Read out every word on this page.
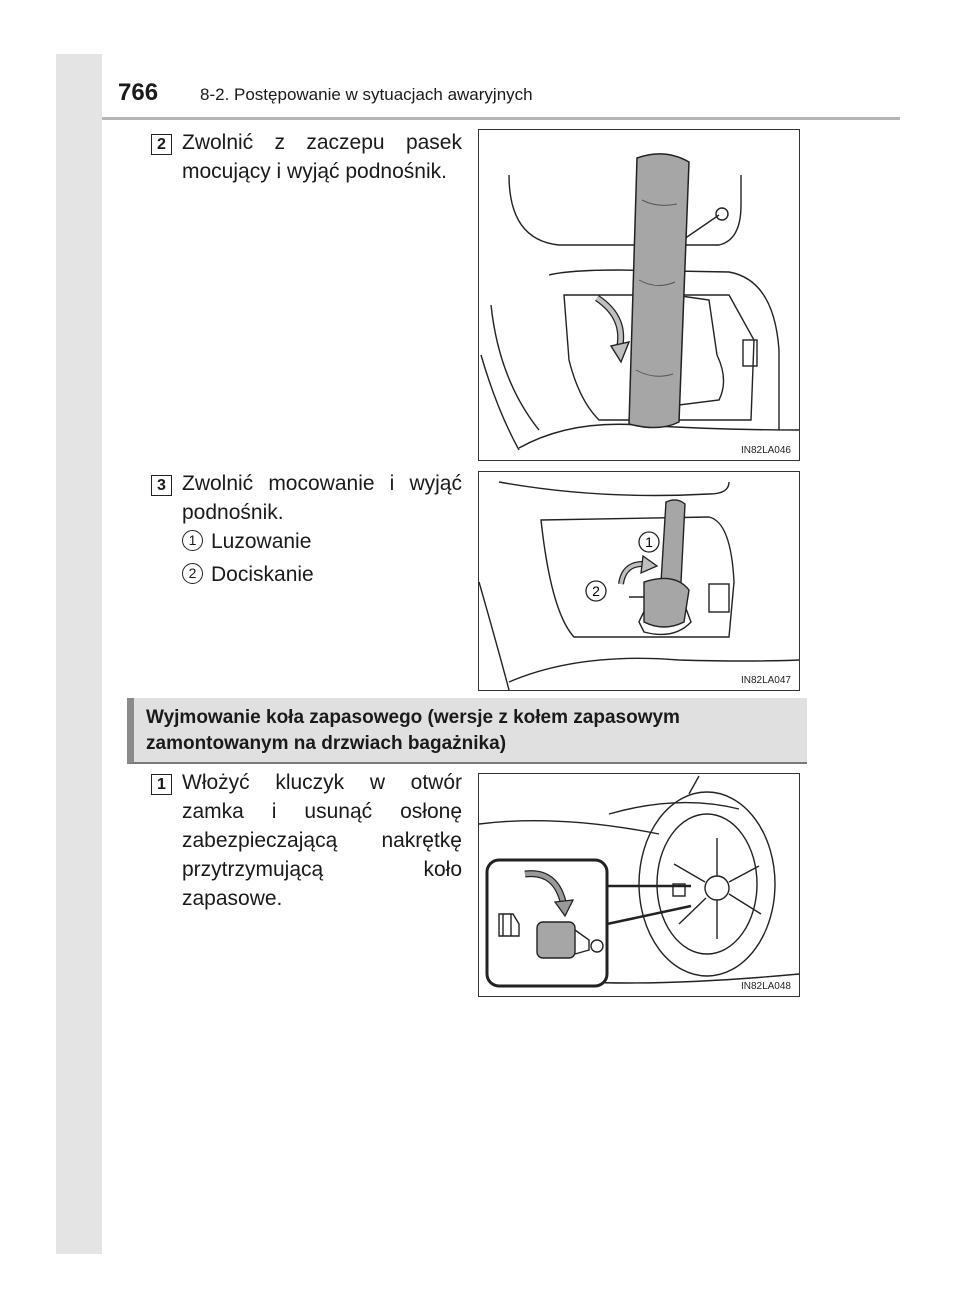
766 8-2. Postępowanie w sytuacjach awaryjnych
2 Zwolnić z zaczepu pasek mocujący i wyjąć podnośnik.
IN82LA046
3 Zwolnić mocowanie i wyjąć podnośnik.
1 Luzowanie
2 Dociskanie
1
2
IN82LA047
Wyjmowanie koła zapasowego (wersje z kołem zapasowym zamontowanym na drzwiach bagażnika)
1 Włożyć kluczyk w otwór zamka i usunąć osłonę zabezpieczającą nakrętkę przytrzymującą koło zapasowe.
IN82LA048
